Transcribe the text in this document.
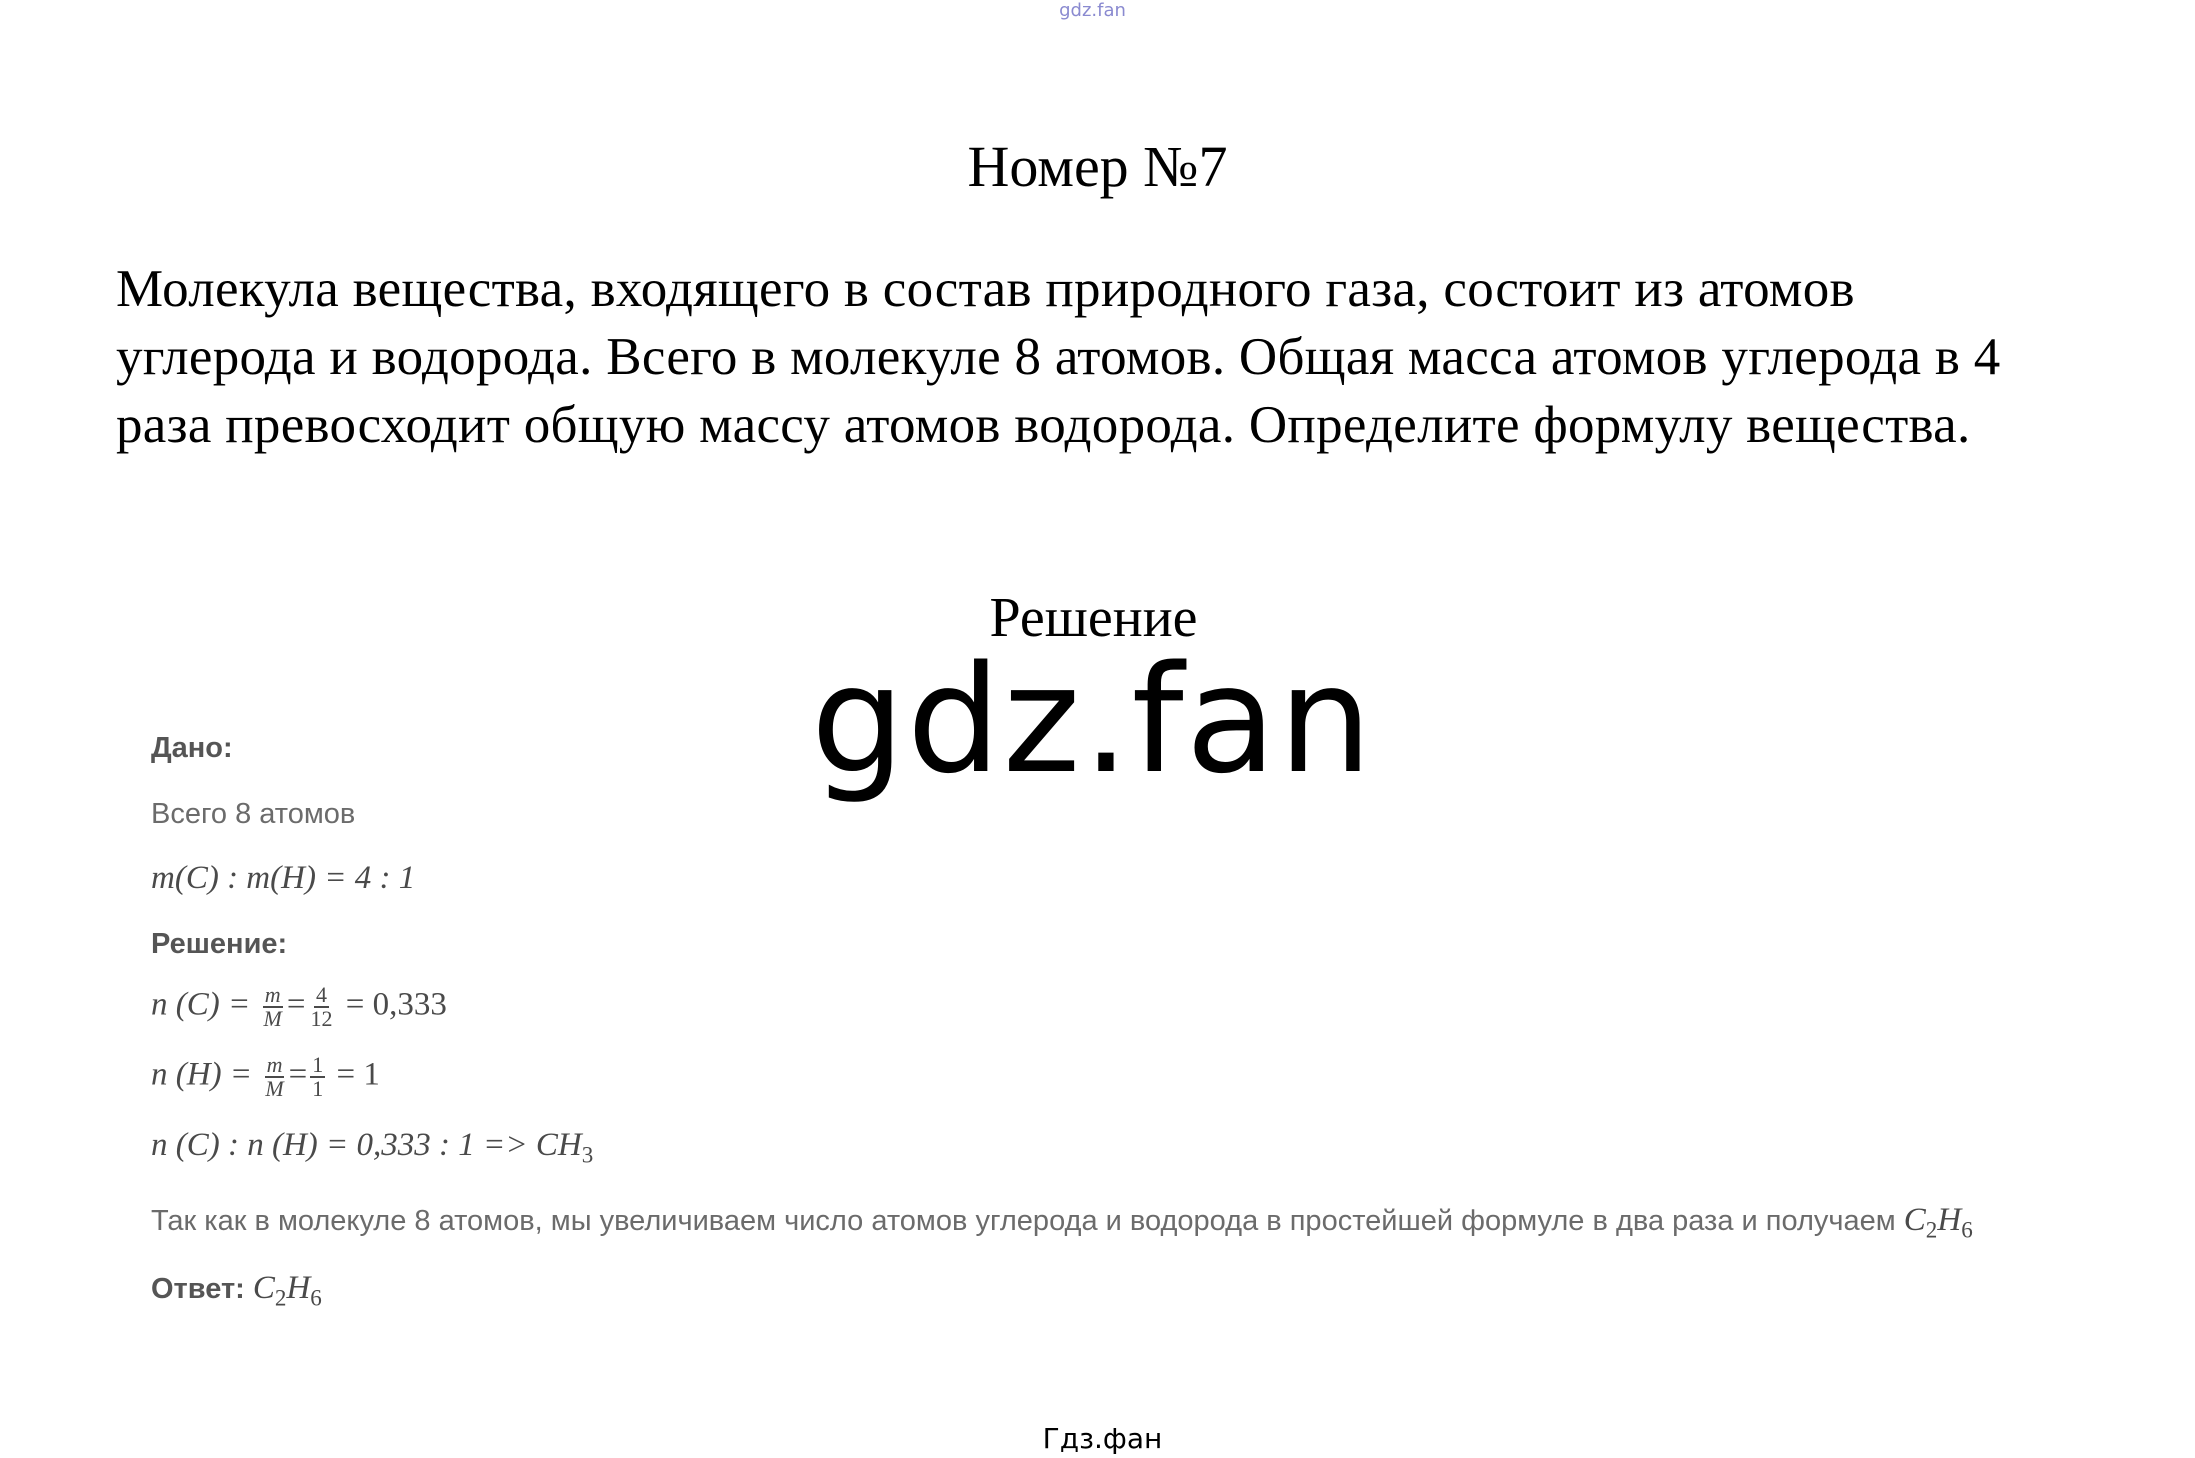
gdz.fan
Номер №7
Молекула вещества, входящего в состав природного газа, состоит из атомов углерода и водорода. Всего в молекуле 8 атомов. Общая масса атомов углерода в 4 раза превосходит общую массу атомов водорода. Определите формулу вещества.
Решение
gdz.fan
Дано:
Всего 8 атомов
m(C) : m(H) = 4 : 1
Решение:
n $(C) = \frac{m}{M} = \frac{4}{12} = 0,333$
n $(H) = \frac{m}{M} = \frac{1}{1} = 1$
n (C) : n (H) = 0,333 : $1 => CH_3$
Так как в молекуле 8 атомов, мы увеличиваем число атомов углерода и водорода в простейшей формуле в два раза и получаем $C_2H_6$
Ответ: $C_2H_6$
Гдз.фан
